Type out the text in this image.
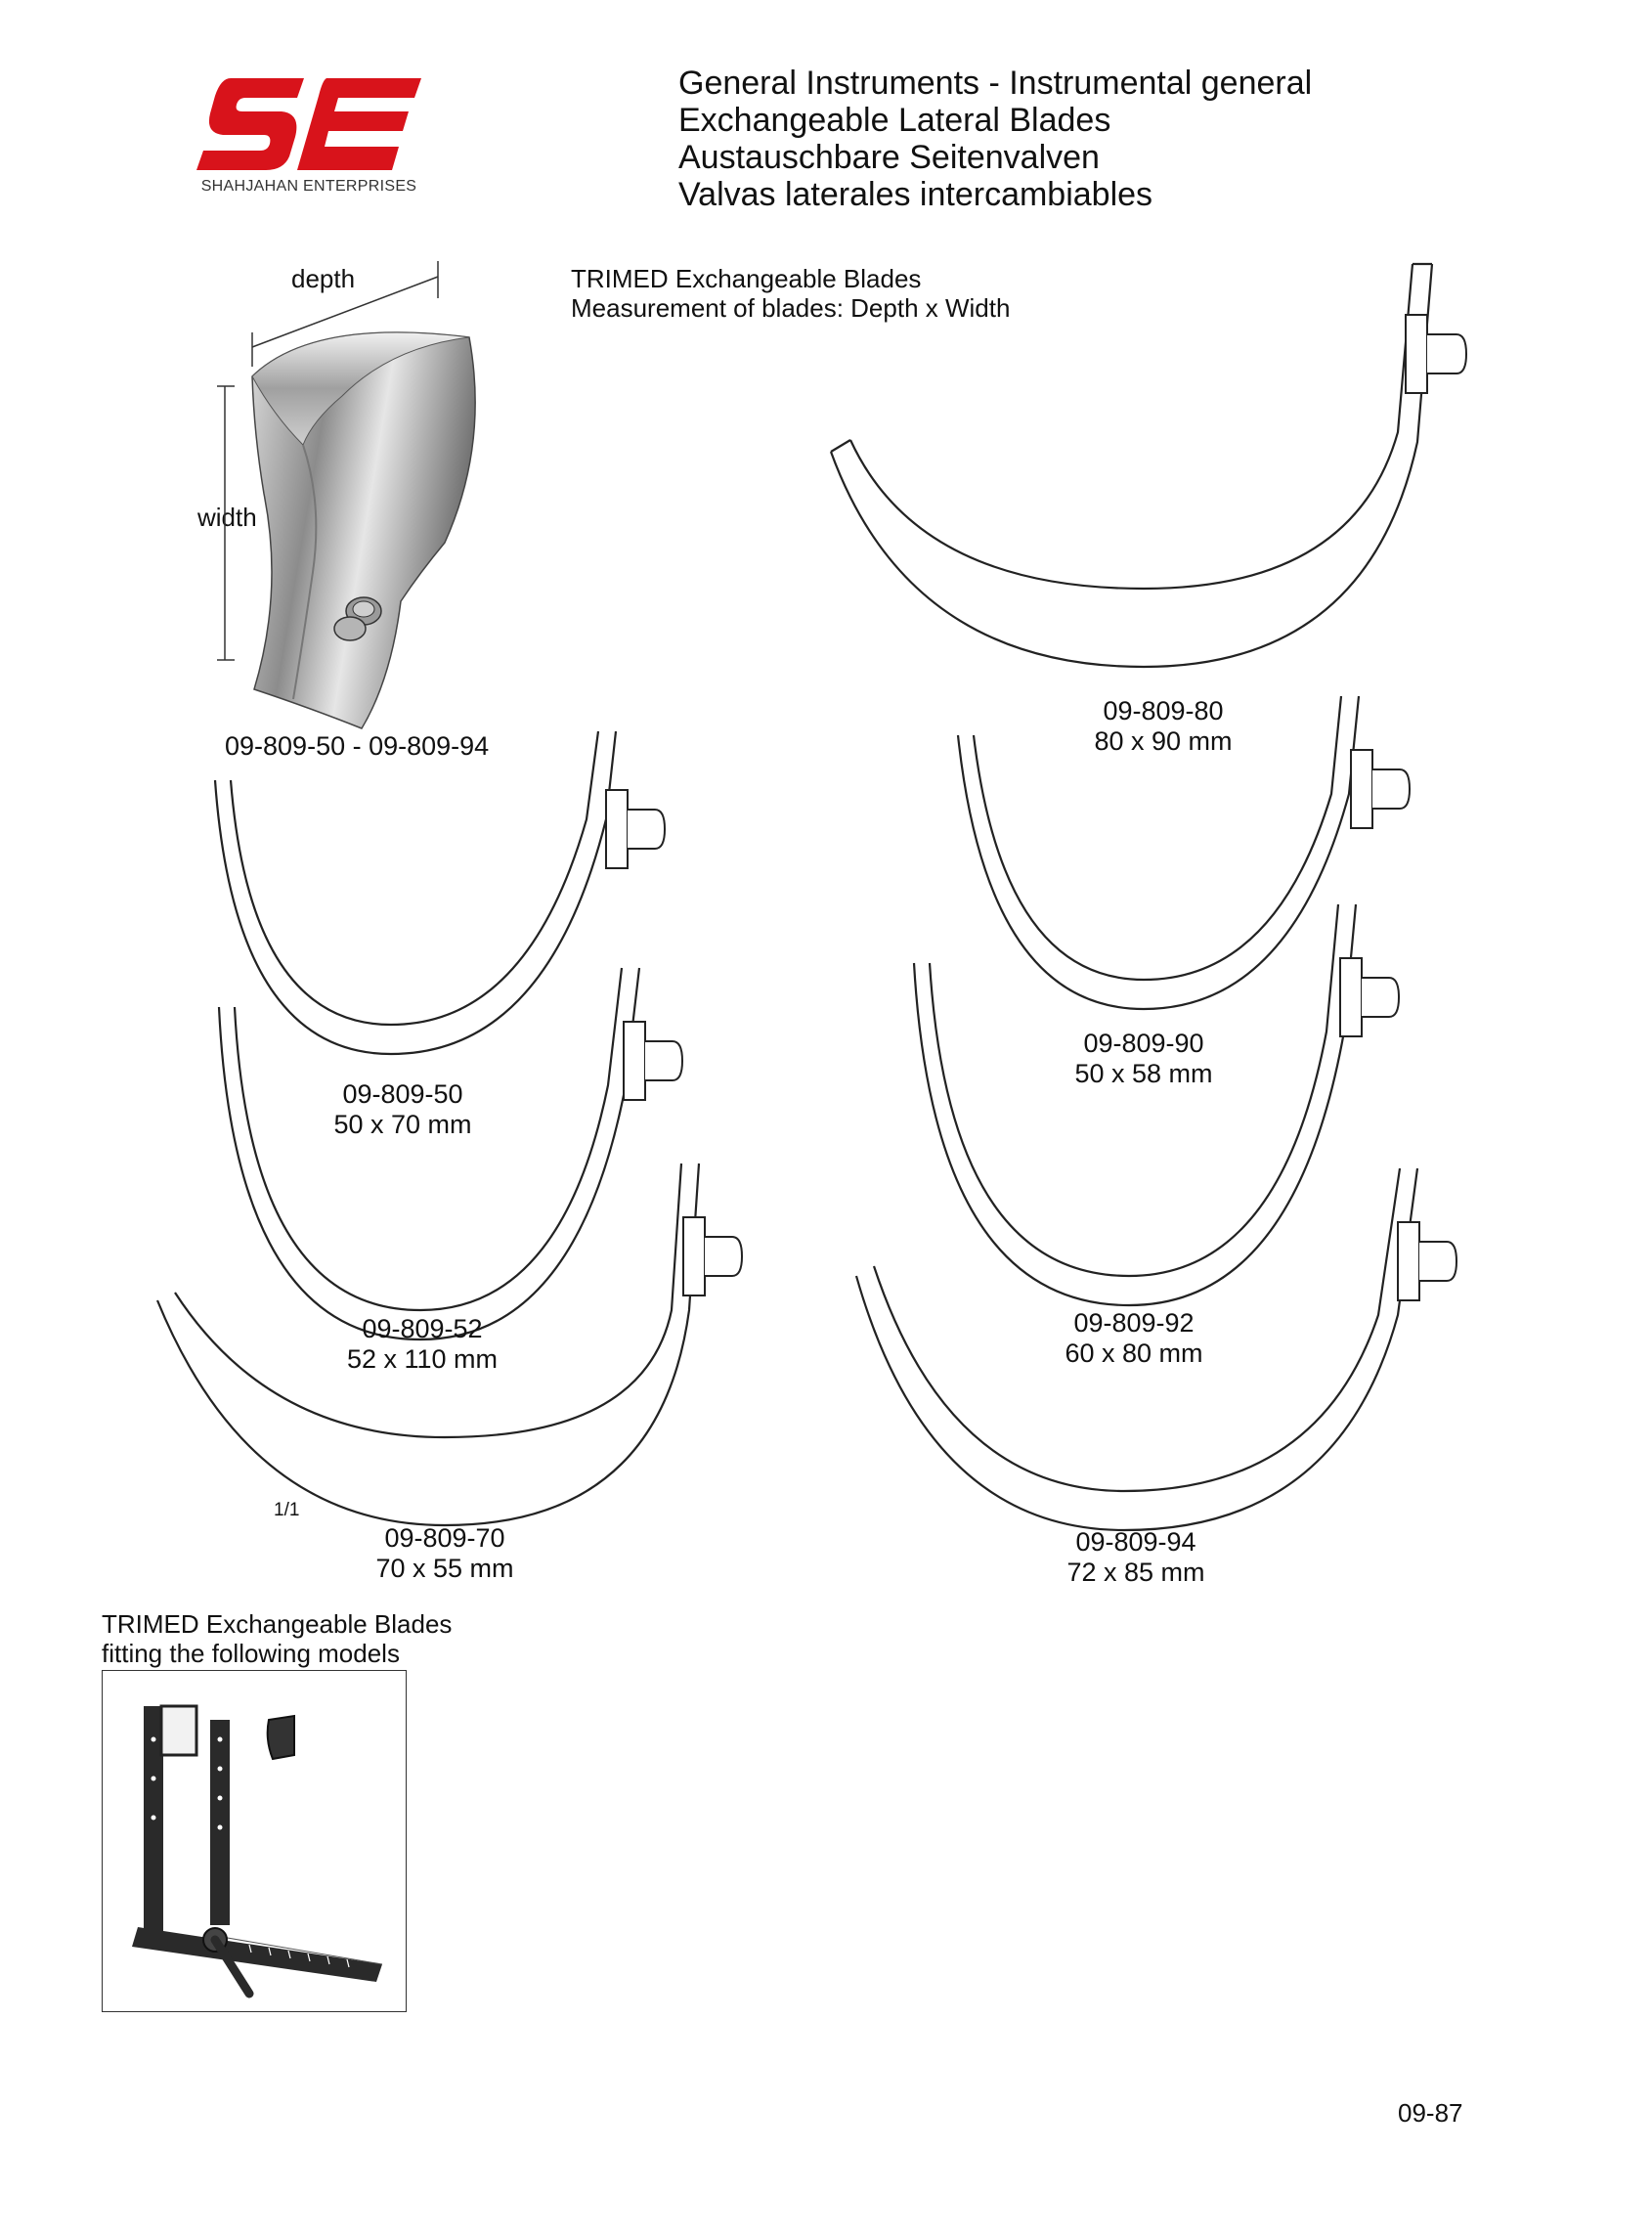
SHAHJAHAN ENTERPRISES
General Instruments - Instrumental general
Exchangeable Lateral Blades
Austauschbare Seitenvalven
Valvas laterales intercambiables
TRIMED Exchangeable Blades
Measurement of blades: Depth x Width
depth
width
09-809-50 - 09-809-94
09-809-80
80 x 90 mm
09-809-50
50 x 70 mm
09-809-90
50 x 58 mm
09-809-52
52 x 110 mm
09-809-92
60 x 80 mm
09-809-70
70 x 55 mm
09-809-94
72 x 85 mm
1/1
TRIMED Exchangeable Blades
fitting the following models
09-87
